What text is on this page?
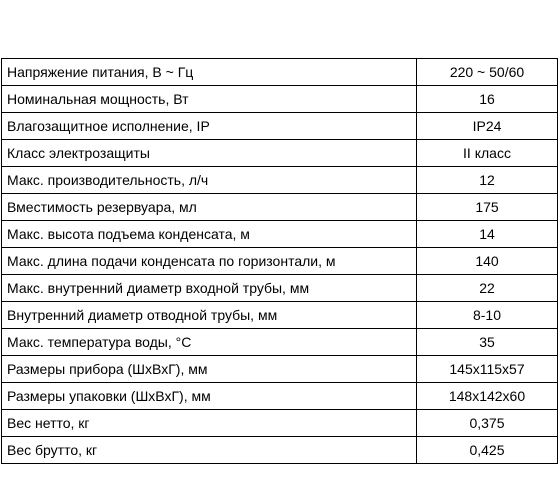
Напряжение питания, В ~ Гц	220 ~ 50/60
Номинальная мощность, Вт	16
Влагозащитное исполнение, IP	IP24
Класс электрозащиты	II класс
Макс. производительность, л/ч	12
Вместимость резервуара, мл	175
Макс. высота подъема конденсата, м	14
Макс. длина подачи конденсата по горизонтали, м	140
Макс. внутренний диаметр входной трубы, мм	22
Внутренний диаметр отводной трубы, мм	8-10
Макс. температура воды, °С	35
Размеры прибора (ШхВхГ), мм	145x115x57
Размеры упаковки (ШхВхГ), мм	148x142x60
Вес нетто, кг	0,375
Вес брутто, кг	0,425
